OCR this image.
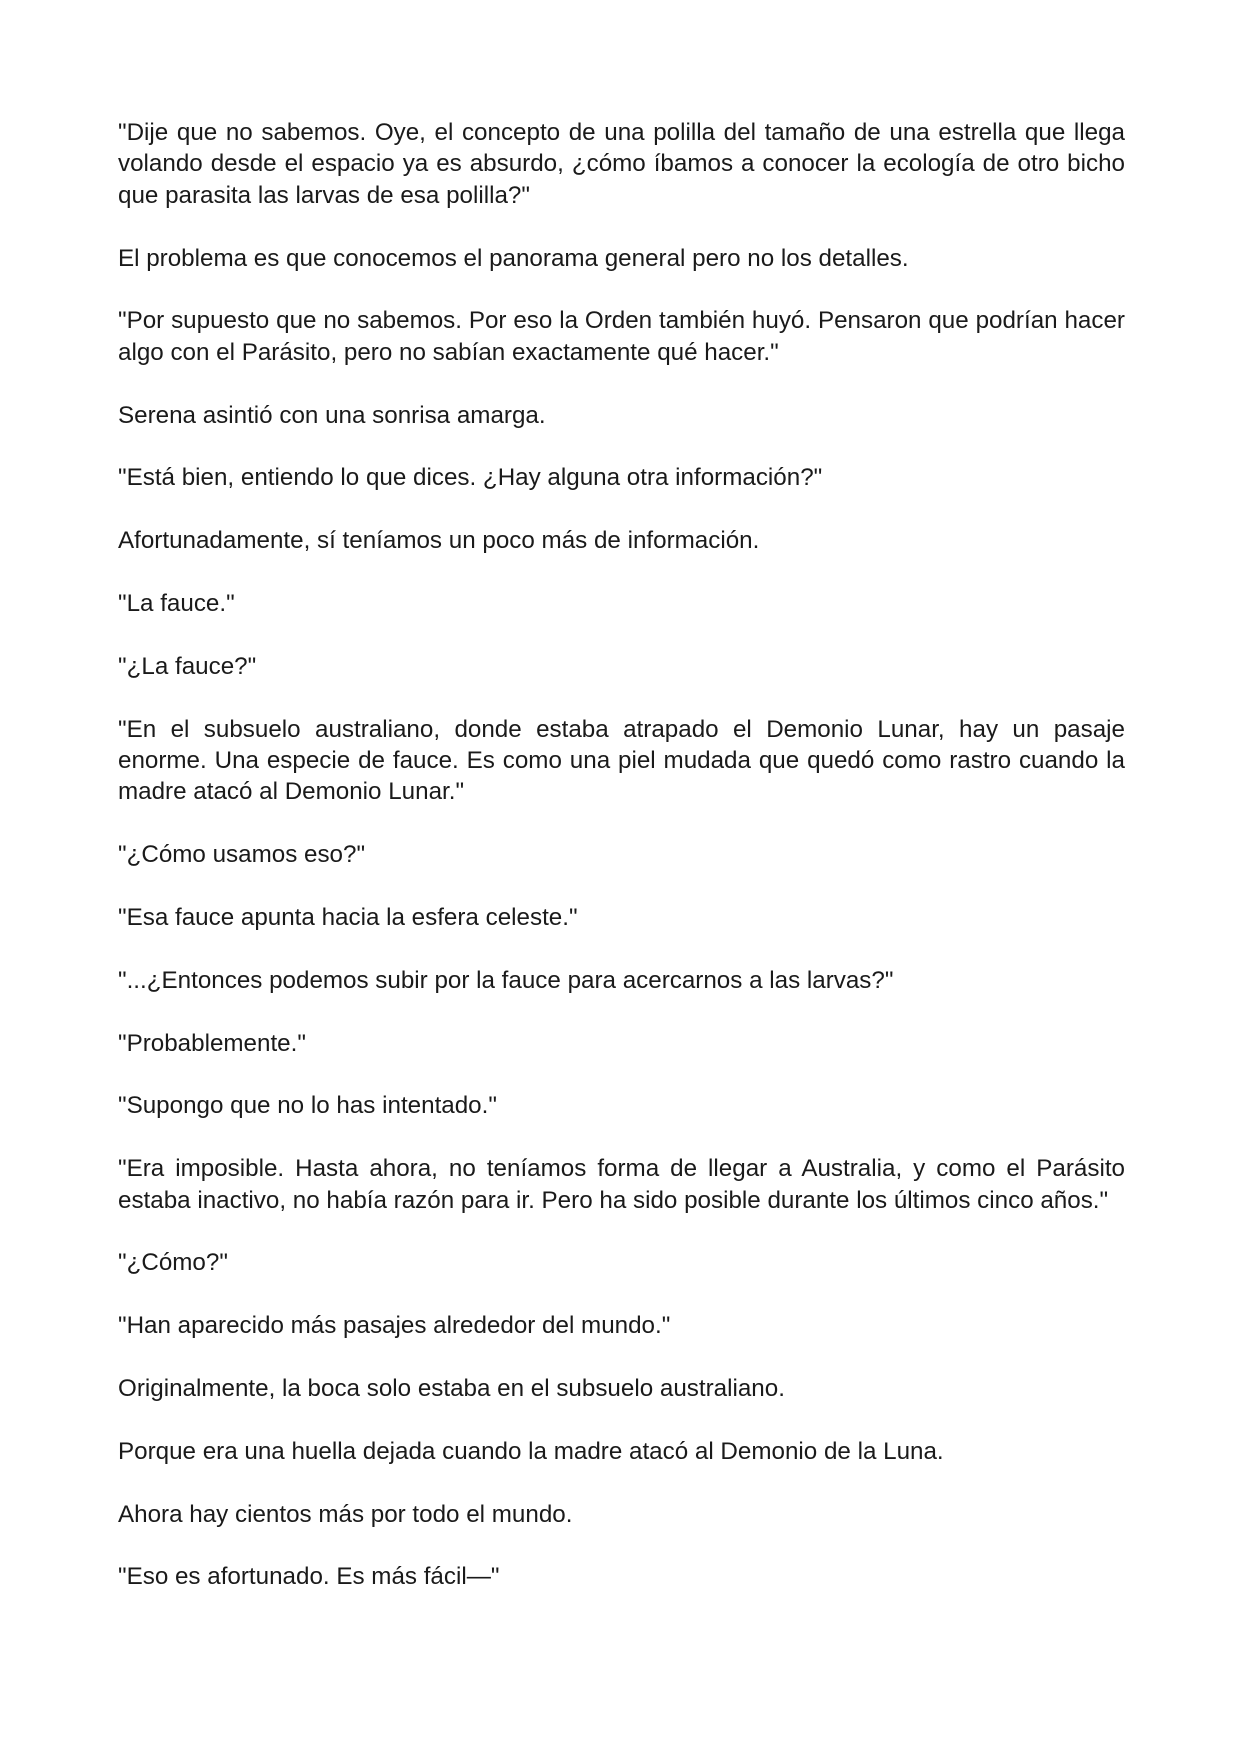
"Dije que no sabemos. Oye, el concepto de una polilla del tamaño de una estrella que llega volando desde el espacio ya es absurdo, ¿cómo íbamos a conocer la ecología de otro bicho que parasita las larvas de esa polilla?"

El problema es que conocemos el panorama general pero no los detalles.

"Por supuesto que no sabemos. Por eso la Orden también huyó. Pensaron que podrían hacer algo con el Parásito, pero no sabían exactamente qué hacer."

Serena asintió con una sonrisa amarga.

"Está bien, entiendo lo que dices. ¿Hay alguna otra información?"

Afortunadamente, sí teníamos un poco más de información.

"La fauce."

"¿La fauce?"

"En el subsuelo australiano, donde estaba atrapado el Demonio Lunar, hay un pasaje enorme. Una especie de fauce. Es como una piel mudada que quedó como rastro cuando la madre atacó al Demonio Lunar."

"¿Cómo usamos eso?"

"Esa fauce apunta hacia la esfera celeste."

"...¿Entonces podemos subir por la fauce para acercarnos a las larvas?"

"Probablemente."

"Supongo que no lo has intentado."

"Era imposible. Hasta ahora, no teníamos forma de llegar a Australia, y como el Parásito estaba inactivo, no había razón para ir. Pero ha sido posible durante los últimos cinco años."

"¿Cómo?"

"Han aparecido más pasajes alrededor del mundo."

Originalmente, la boca solo estaba en el subsuelo australiano.

Porque era una huella dejada cuando la madre atacó al Demonio de la Luna.

Ahora hay cientos más por todo el mundo.

"Eso es afortunado. Es más fácil—"
